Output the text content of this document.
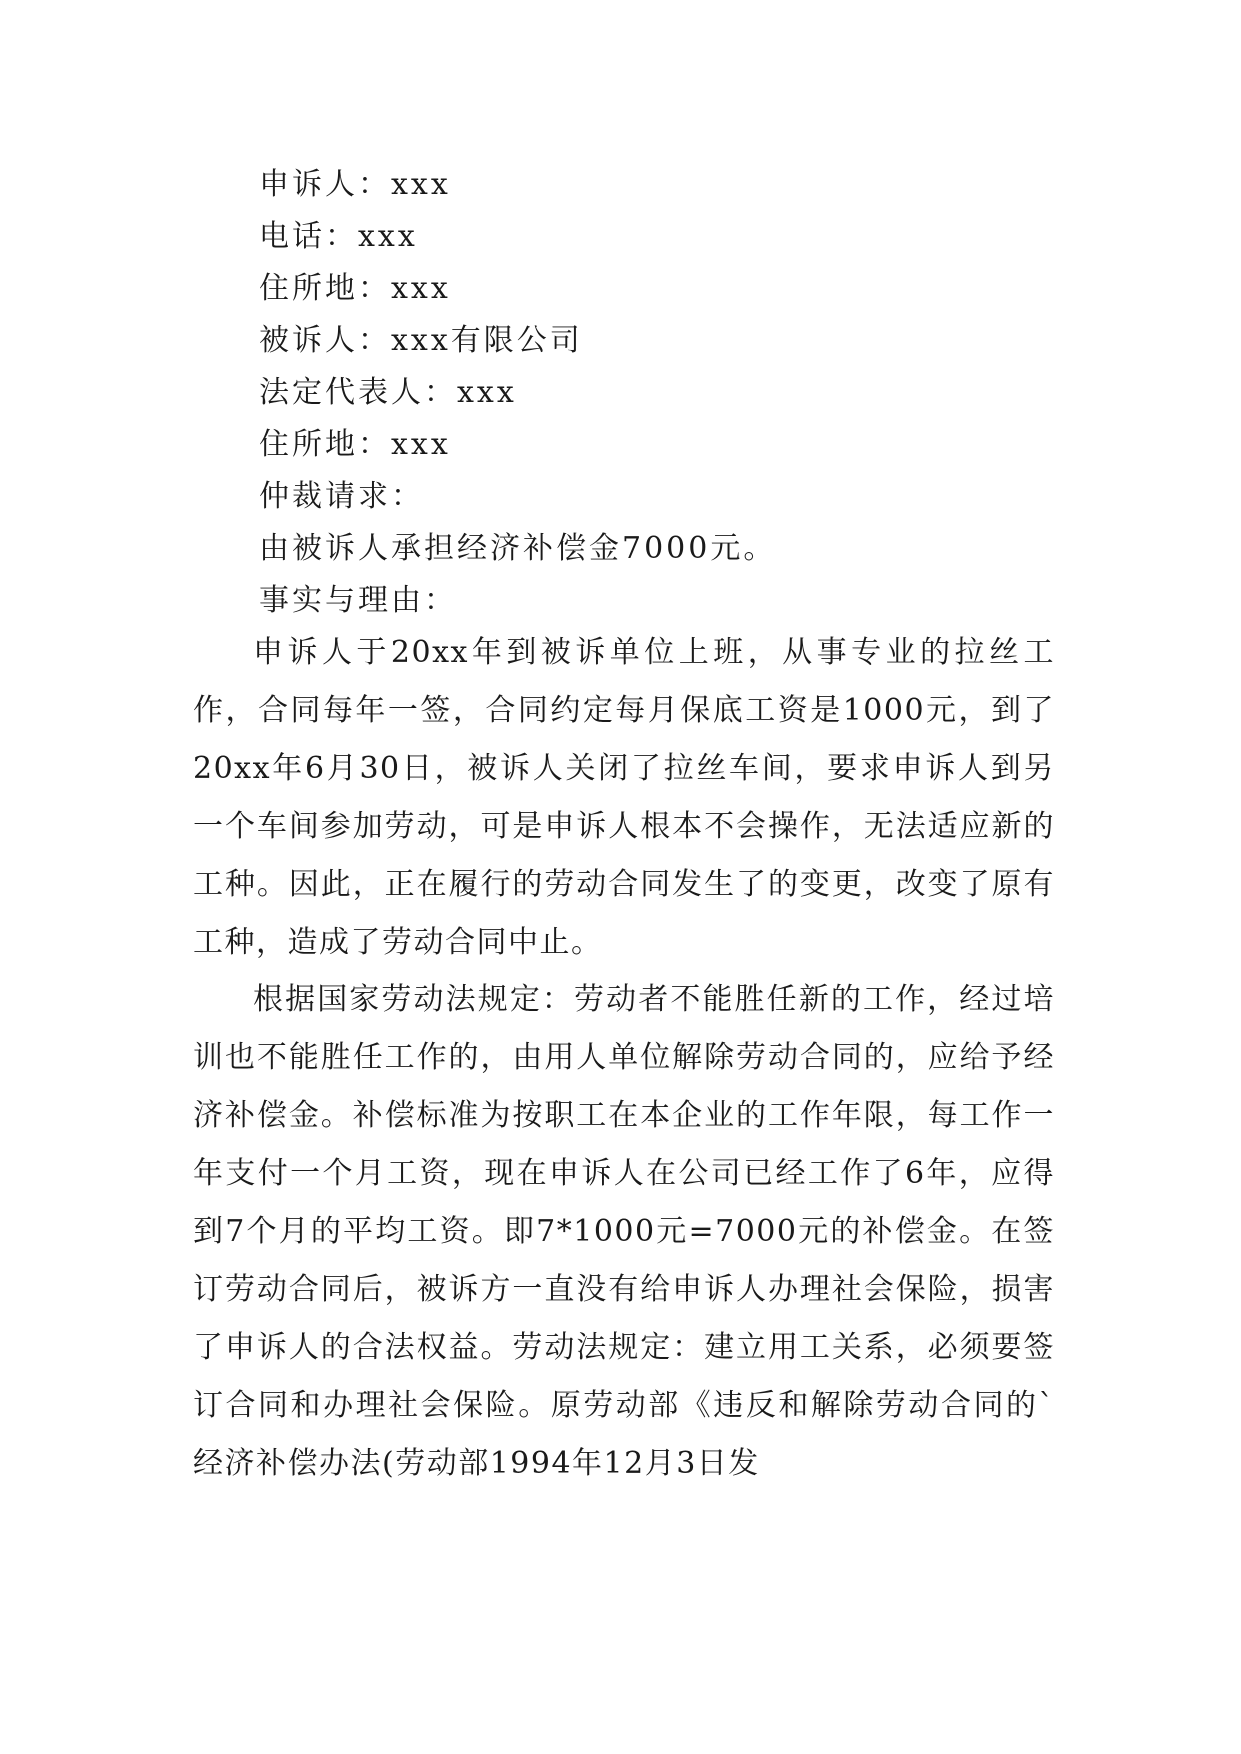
申诉人：xxx
电话：xxx
住所地：xxx
被诉人：xxx有限公司
法定代表人：xxx
住所地：xxx
仲裁请求：
由被诉人承担经济补偿金7000元。
事实与理由：

申诉人于20xx年到被诉单位上班，从事专业的拉丝工作，合同每年一签，合同约定每月保底工资是1000元，到了20xx年6月30日，被诉人关闭了拉丝车间，要求申诉人到另一个车间参加劳动，可是申诉人根本不会操作，无法适应新的工种。因此，正在履行的劳动合同发生了的变更，改变了原有工种，造成了劳动合同中止。

根据国家劳动法规定：劳动者不能胜任新的工作，经过培训也不能胜任工作的，由用人单位解除劳动合同的，应给予经济补偿金。补偿标准为按职工在本企业的工作年限，每工作一年支付一个月工资，现在申诉人在公司已经工作了6年，应得到7个月的平均工资。即7*1000元=7000元的补偿金。在签订劳动合同后，被诉方一直没有给申诉人办理社会保险，损害了申诉人的合法权益。劳动法规定：建立用工关系，必须要签订合同和办理社会保险。原劳动部《违反和解除劳动合同的`经济补偿办法(劳动部1994年12月3日发
